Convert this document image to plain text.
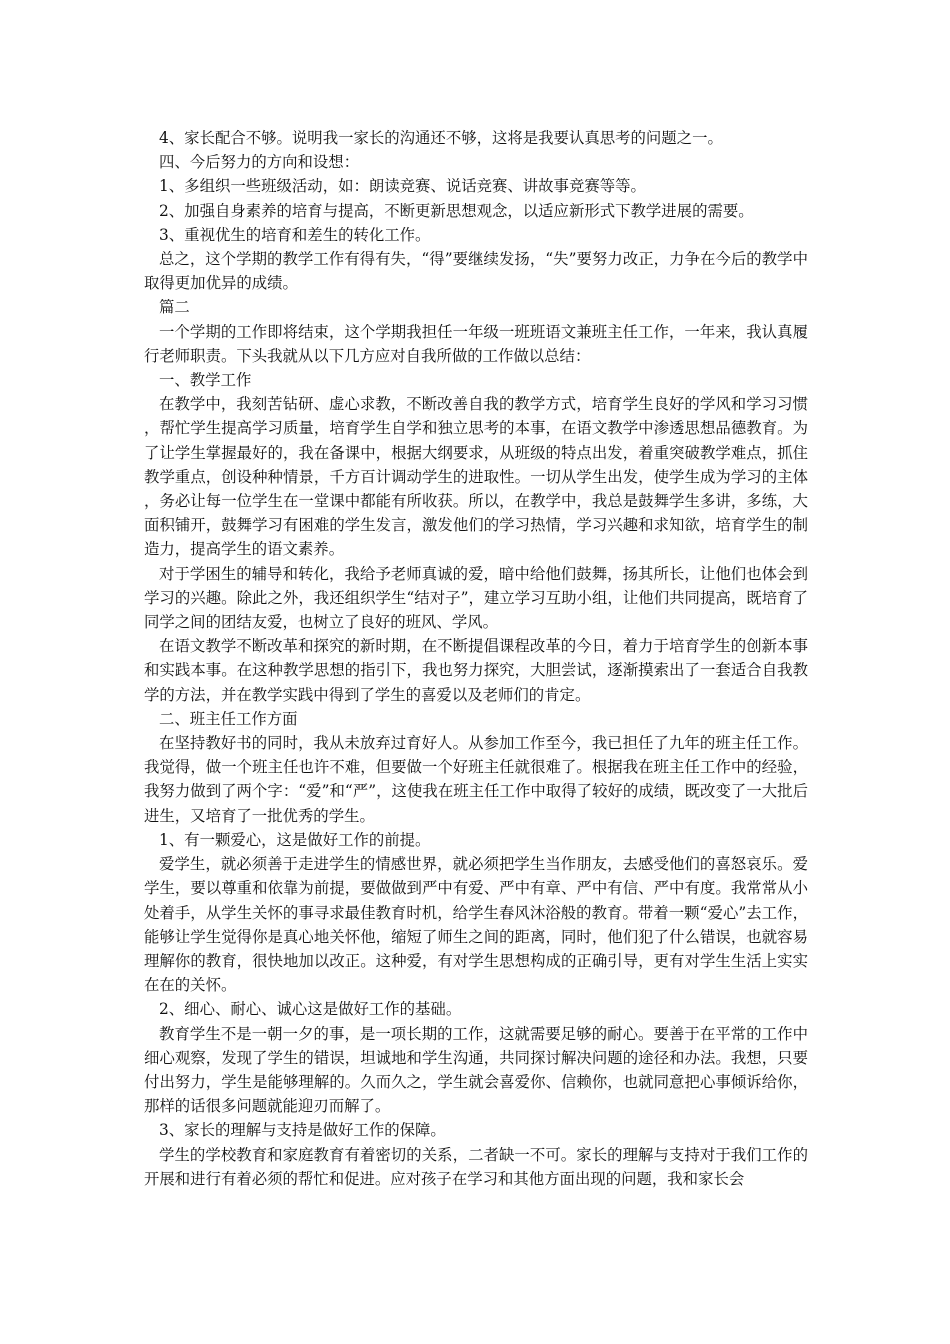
4、家长配合不够。说明我一家长的沟通还不够，这将是我要认真思考的问题之一。

四、今后努力的方向和设想：

1、多组织一些班级活动，如：朗读竞赛、说话竞赛、讲故事竞赛等等。

2、加强自身素养的培育与提高，不断更新思想观念，以适应新形式下教学进展的需要。

3、重视优生的培育和差生的转化工作。

总之，这个学期的教学工作有得有失，“得”要继续发扬，“失”要努力改正，力争在今后的教学中取得更加优异的成绩。

篇二

一个学期的工作即将结束，这个学期我担任一年级一班班语文兼班主任工作，一年来，我认真履行老师职责。下头我就从以下几方应对自我所做的工作做以总结：

一、教学工作

在教学中，我刻苦钻研、虚心求教，不断改善自我的教学方式，培育学生良好的学风和学习习惯，帮忙学生提高学习质量，培育学生自学和独立思考的本事，在语文教学中渗透思想品德教育。为了让学生掌握最好的，我在备课中，根据大纲要求，从班级的特点出发，着重突破教学难点，抓住教学重点，创设种种情景，千方百计调动学生的进取性。一切从学生出发，使学生成为学习的主体，务必让每一位学生在一堂课中都能有所收获。所以，在教学中，我总是鼓舞学生多讲，多练，大面积铺开，鼓舞学习有困难的学生发言，激发他们的学习热情，学习兴趣和求知欲，培育学生的制造力，提高学生的语文素养。

对于学困生的辅导和转化，我给予老师真诚的爱，暗中给他们鼓舞，扬其所长，让他们也体会到学习的兴趣。除此之外，我还组织学生“结对子”，建立学习互助小组，让他们共同提高，既培育了同学之间的团结友爱，也树立了良好的班风、学风。

在语文教学不断改革和探究的新时期，在不断提倡课程改革的今日，着力于培育学生的创新本事和实践本事。在这种教学思想的指引下，我也努力探究，大胆尝试，逐渐摸索出了一套适合自我教学的方法，并在教学实践中得到了学生的喜爱以及老师们的肯定。

二、班主任工作方面

在坚持教好书的同时，我从未放弃过育好人。从参加工作至今，我已担任了九年的班主任工作。我觉得，做一个班主任也许不难，但要做一个好班主任就很难了。根据我在班主任工作中的经验，我努力做到了两个字：“爱”和“严”，这使我在班主任工作中取得了较好的成绩，既改变了一大批后进生，又培育了一批优秀的学生。

1、有一颗爱心，这是做好工作的前提。

爱学生，就必须善于走进学生的情感世界，就必须把学生当作朋友，去感受他们的喜怒哀乐。爱学生，要以尊重和依靠为前提，要做做到严中有爱、严中有章、严中有信、严中有度。我常常从小处着手，从学生关怀的事寻求最佳教育时机，给学生春风沐浴般的教育。带着一颗“爱心”去工作，能够让学生觉得你是真心地关怀他，缩短了师生之间的距离，同时，他们犯了什么错误，也就容易理解你的教育，很快地加以改正。这种爱，有对学生思想构成的正确引导，更有对学生生活上实实在在的关怀。

2、细心、耐心、诚心这是做好工作的基础。

教育学生不是一朝一夕的事，是一项长期的工作，这就需要足够的耐心。要善于在平常的工作中细心观察，发现了学生的错误，坦诚地和学生沟通，共同探讨解决问题的途径和办法。我想，只要付出努力，学生是能够理解的。久而久之，学生就会喜爱你、信赖你，也就同意把心事倾诉给你，那样的话很多问题就能迎刃而解了。

3、家长的理解与支持是做好工作的保障。

学生的学校教育和家庭教育有着密切的关系，二者缺一不可。家长的理解与支持对于我们工作的开展和进行有着必须的帮忙和促进。应对孩子在学习和其他方面出现的问题，我和家长会
